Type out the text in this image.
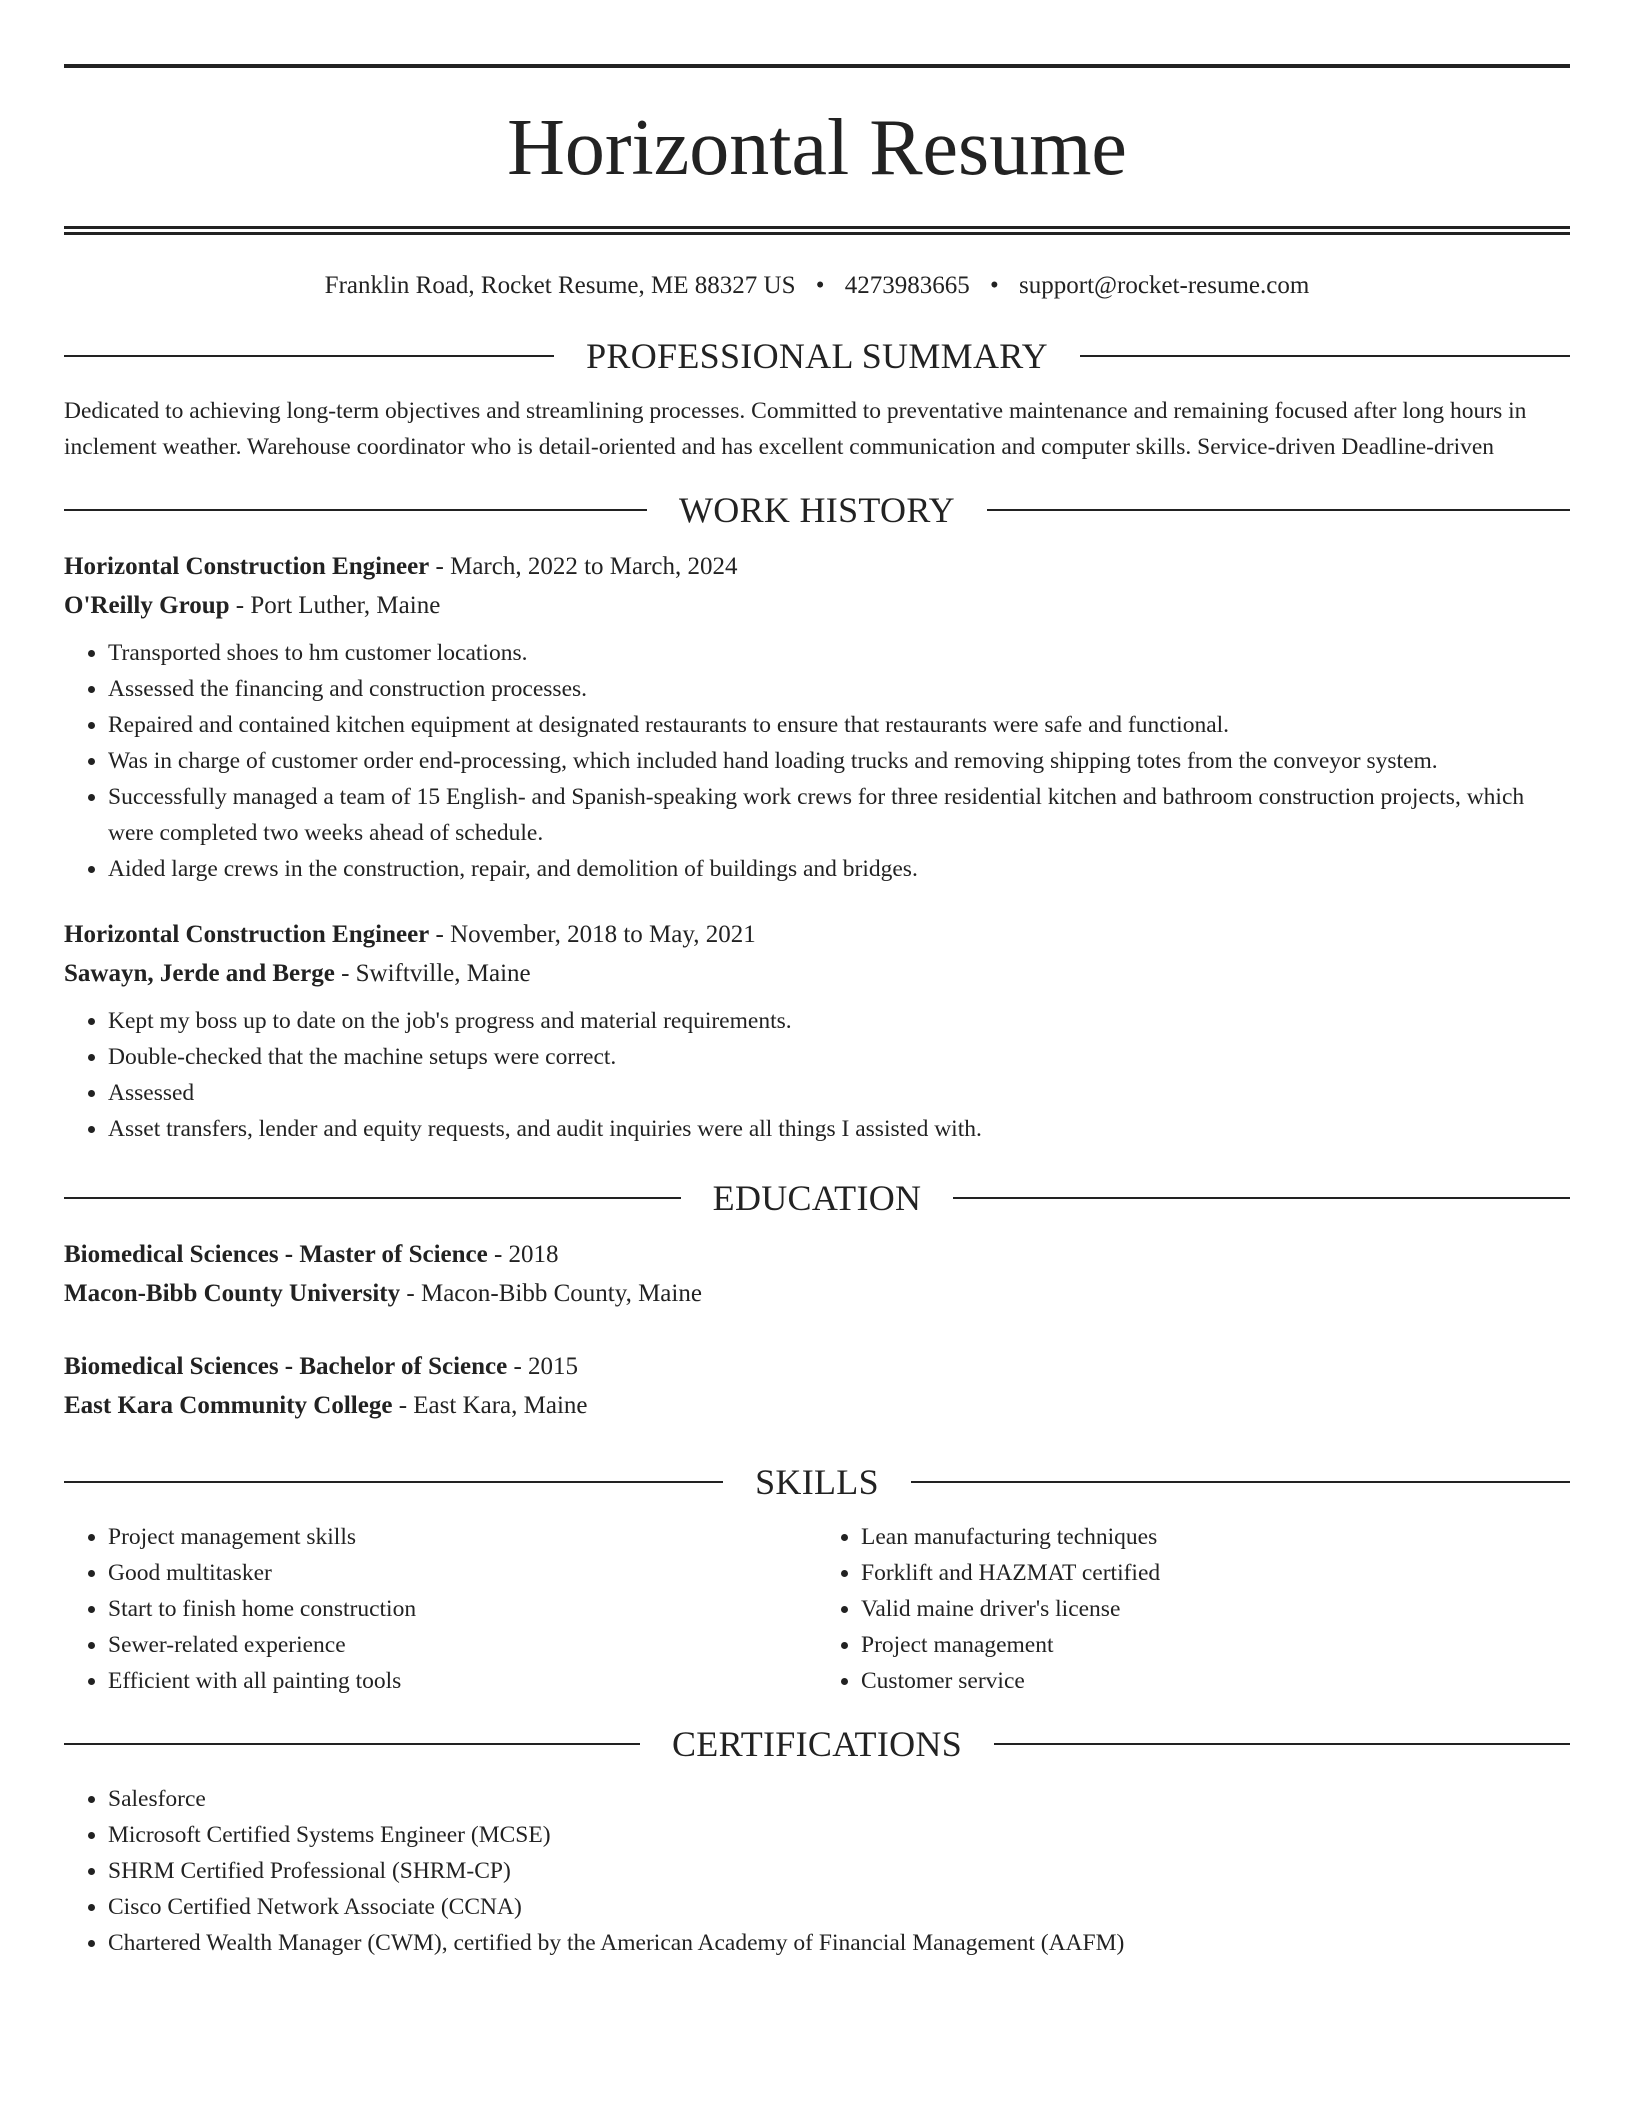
Horizontal Resume
Franklin Road, Rocket Resume, ME 88327 US • 4273983665 • support@rocket-resume.com
PROFESSIONAL SUMMARY

Dedicated to achieving long-term objectives and streamlining processes. Committed to preventative maintenance and remaining focused after long hours in inclement weather. Warehouse coordinator who is detail-oriented and has excellent communication and computer skills. Service-driven Deadline-driven

WORK HISTORY
Horizontal Construction Engineer - March, 2022 to March, 2024
O'Reilly Group - Port Luther, Maine
• Transported shoes to hm customer locations.
• Assessed the financing and construction processes.
• Repaired and contained kitchen equipment at designated restaurants to ensure that restaurants were safe and functional.
• Was in charge of customer order end-processing, which included hand loading trucks and removing shipping totes from the conveyor system.
• Successfully managed a team of 15 English- and Spanish-speaking work crews for three residential kitchen and bathroom construction projects, which were completed two weeks ahead of schedule.
• Aided large crews in the construction, repair, and demolition of buildings and bridges.
Horizontal Construction Engineer - November, 2018 to May, 2021
Sawayn, Jerde and Berge - Swiftville, Maine
• Kept my boss up to date on the job's progress and material requirements.
• Double-checked that the machine setups were correct.
• Assessed
• Asset transfers, lender and equity requests, and audit inquiries were all things I assisted with.
EDUCATION
Biomedical Sciences - Master of Science - 2018
Macon-Bibb County University - Macon-Bibb County, Maine
Biomedical Sciences - Bachelor of Science - 2015
East Kara Community College - East Kara, Maine
SKILLS
• Project management skills
• Good multitasker
• Start to finish home construction
• Sewer-related experience
• Efficient with all painting tools
• Lean manufacturing techniques
• Forklift and HAZMAT certified
• Valid maine driver's license
• Project management
• Customer service
CERTIFICATIONS
• Salesforce
• Microsoft Certified Systems Engineer (MCSE)
• SHRM Certified Professional (SHRM-CP)
• Cisco Certified Network Associate (CCNA)
• Chartered Wealth Manager (CWM), certified by the American Academy of Financial Management (AAFM)
